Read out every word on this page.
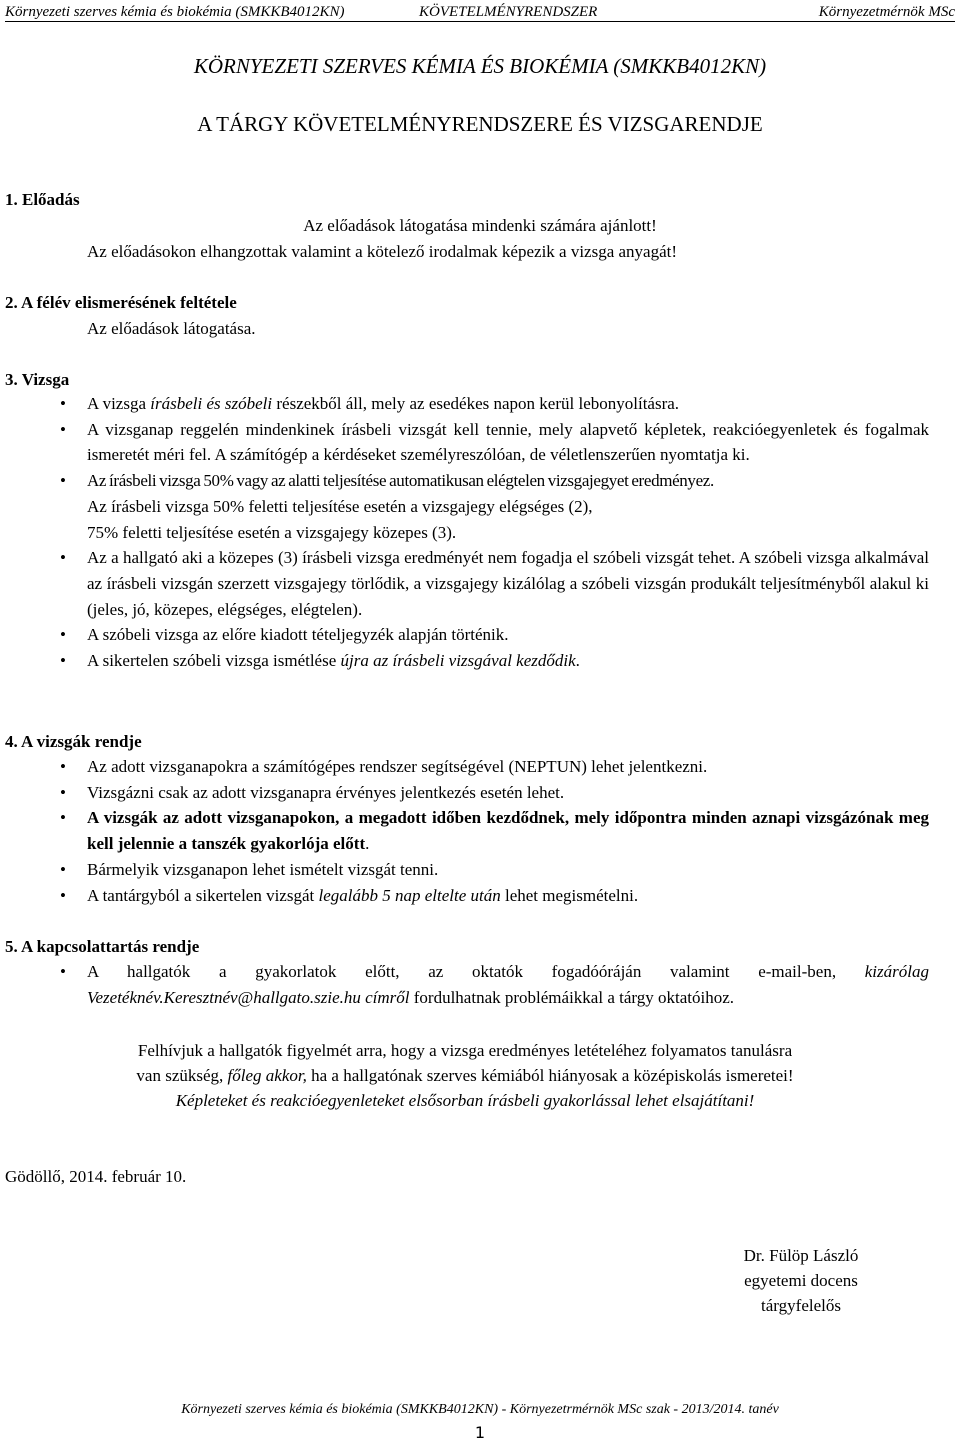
Környezeti szerves kémia és biokémia (SMKKB4012KN)	KÖVETELMÉNYRENDSZER	Környezetmérnök MSc
KÖRNYEZETI SZERVES KÉMIA ÉS BIOKÉMIA (SMKKB4012KN)
A TÁRGY KÖVETELMÉNYRENDSZERE ÉS VIZSGARENDJE
1. Előadás
Az előadások látogatása mindenki számára ajánlott!
Az előadásokon elhangzottak valamint a kötelező irodalmak képezik a vizsga anyagát!
2. A félév elismerésének feltétele
Az előadások látogatása.
3. Vizsga
• A vizsga írásbeli és szóbeli részekből áll, mely az esedékes napon kerül lebonyolításra.
• A vizsganap reggelén mindenkinek írásbeli vizsgát kell tennie, mely alapvető képletek, reakcióegyenletek és fogalmak ismeretét méri fel. A számítógép a kérdéseket személyreszólóan, de véletlenszerűen nyomtatja ki.
• Az írásbeli vizsga 50% vagy az alatti teljesítése automatikusan elégtelen vizsgajegyet eredményez.
Az írásbeli vizsga 50% feletti teljesítése esetén a vizsgajegy elégséges (2),
75% feletti teljesítése esetén a vizsgajegy közepes (3).
• Az a hallgató aki a közepes (3) írásbeli vizsga eredményét nem fogadja el szóbeli vizsgát tehet. A szóbeli vizsga alkalmával az írásbeli vizsgán szerzett vizsgajegy törlődik, a vizsgajegy kizálólag a szóbeli vizsgán produkált teljesítményből alakul ki (jeles, jó, közepes, elégséges, elégtelen).
• A szóbeli vizsga az előre kiadott tételjegyzék alapján történik.
• A sikertelen szóbeli vizsga ismétlése újra az írásbeli vizsgával kezdődik.
4. A vizsgák rendje
• Az adott vizsganapokra a számítógépes rendszer segítségével (NEPTUN) lehet jelentkezni.
• Vizsgázni csak az adott vizsganapra érvényes jelentkezés esetén lehet.
• A vizsgák az adott vizsganapokon, a megadott időben kezdődnek, mely időpontra minden aznapi vizsgázónak meg kell jelennie a tanszék gyakorlója előtt.
• Bármelyik vizsganapon lehet ismételt vizsgát tenni.
• A tantárgyból a sikertelen vizsgát legalább 5 nap eltelte után lehet megismételni.
5. A kapcsolattartás rendje
• A hallgatók a gyakorlatok előtt, az oktatók fogadóóráján valamint e-mail-ben, kizárólag Vezetéknév.Keresztnév@hallgato.szie.hu címről fordulhatnak problémáikkal a tárgy oktatóihoz.
Felhívjuk a hallgatók figyelmét arra, hogy a vizsga eredményes letételéhez folyamatos tanulásra
van szükség, főleg akkor, ha a hallgatónak szerves kémiából hiányosak a középiskolás ismeretei!
Képleteket és reakcióegyenleteket elsősorban írásbeli gyakorlással lehet elsajátítani!
Gödöllő, 2014. február 10.
Dr. Fülöp László
egyetemi docens
tárgyfelelős
Környezeti szerves kémia és biokémia (SMKKB4012KN) - Környezetrmérnök MSc szak - 2013/2014. tanév
1
